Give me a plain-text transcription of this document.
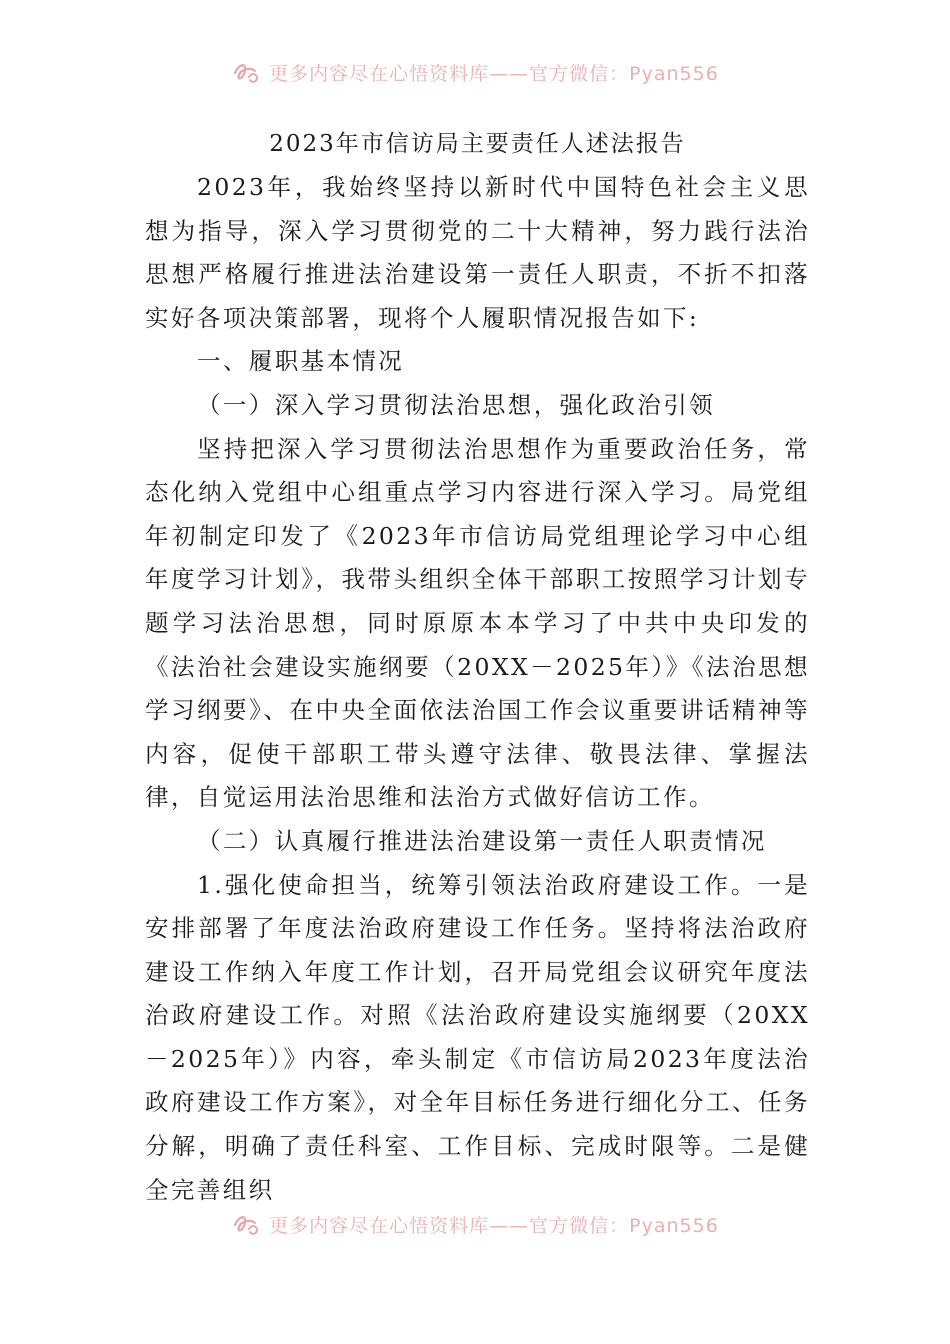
更多内容尽在心悟资料库——官方微信：Pyan556

2023年市信访局主要责任人述法报告

2023年，我始终坚持以新时代中国特色社会主义思想为指导，深入学习贯彻党的二十大精神，努力践行法治思想严格履行推进法治建设第一责任人职责，不折不扣落实好各项决策部署，现将个人履职情况报告如下:

一、履职基本情况

（一）深入学习贯彻法治思想，强化政治引领

坚持把深入学习贯彻法治思想作为重要政治任务，常态化纳入党组中心组重点学习内容进行深入学习。局党组年初制定印发了《2023年市信访局党组理论学习中心组年度学习计划》，我带头组织全体干部职工按照学习计划专题学习法治思想，同时原原本本学习了中共中央印发的《法治社会建设实施纲要（20XX－2025年）》《法治思想学习纲要》、在中央全面依法治国工作会议重要讲话精神等内容，促使干部职工带头遵守法律、敬畏法律、掌握法律，自觉运用法治思维和法治方式做好信访工作。

（二）认真履行推进法治建设第一责任人职责情况

1.强化使命担当，统筹引领法治政府建设工作。一是安排部署了年度法治政府建设工作任务。坚持将法治政府建设工作纳入年度工作计划，召开局党组会议研究年度法治政府建设工作。对照《法治政府建设实施纲要（20XX－2025年）》内容，牵头制定《市信访局2023年度法治政府建设工作方案》，对全年目标任务进行细化分工、任务分解，明确了责任科室、工作目标、完成时限等。二是健全完善组织

更多内容尽在心悟资料库——官方微信：Pyan556
